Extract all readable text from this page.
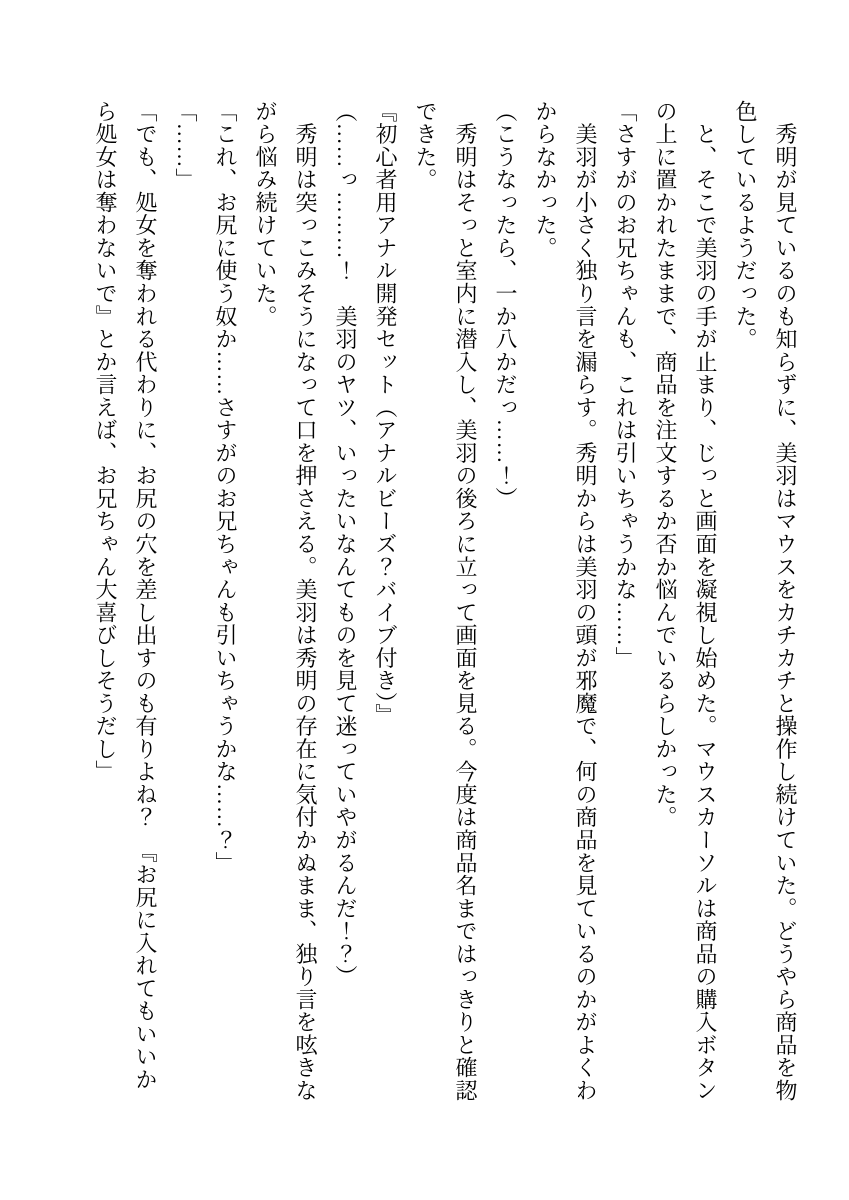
　秀明が見ているのも知らずに、美羽はマウスをカチカチと操作し続けていた。どうやら商品を物色しているようだった。

　と、そこで美羽の手が止まり、じっと画面を凝視し始めた。マウスカーソルは商品の購入ボタンの上に置かれたままで、商品を注文するか否か悩んでいるらしかった。

「さすがのお兄ちゃんも、これは引いちゃうかな……」

　美羽が小さく独り言を漏らす。秀明からは美羽の頭が邪魔で、何の商品を見ているのかがよくわからなかった。

（こうなったら、一か八かだっ……！）

　秀明はそっと室内に潜入し、美羽の後ろに立って画面を見る。今度は商品名まではっきりと確認できた。

『初心者用アナル開発セット（アナルビーズ？バイブ付き）』

（……っ………！　美羽のヤツ、いったいなんてものを見て迷っていやがるんだ！？）

　秀明は突っこみそうになって口を押さえる。美羽は秀明の存在に気付かぬまま、独り言を呟きながら悩み続けていた。

「これ、お尻に使う奴か……さすがのお兄ちゃんも引いちゃうかな……？」

「……」

「でも、処女を奪われる代わりに、お尻の穴を差し出すのも有りよね？　『お尻に入れてもいいから処女は奪わないで』とか言えば、お兄ちゃん大喜びしそうだし」
